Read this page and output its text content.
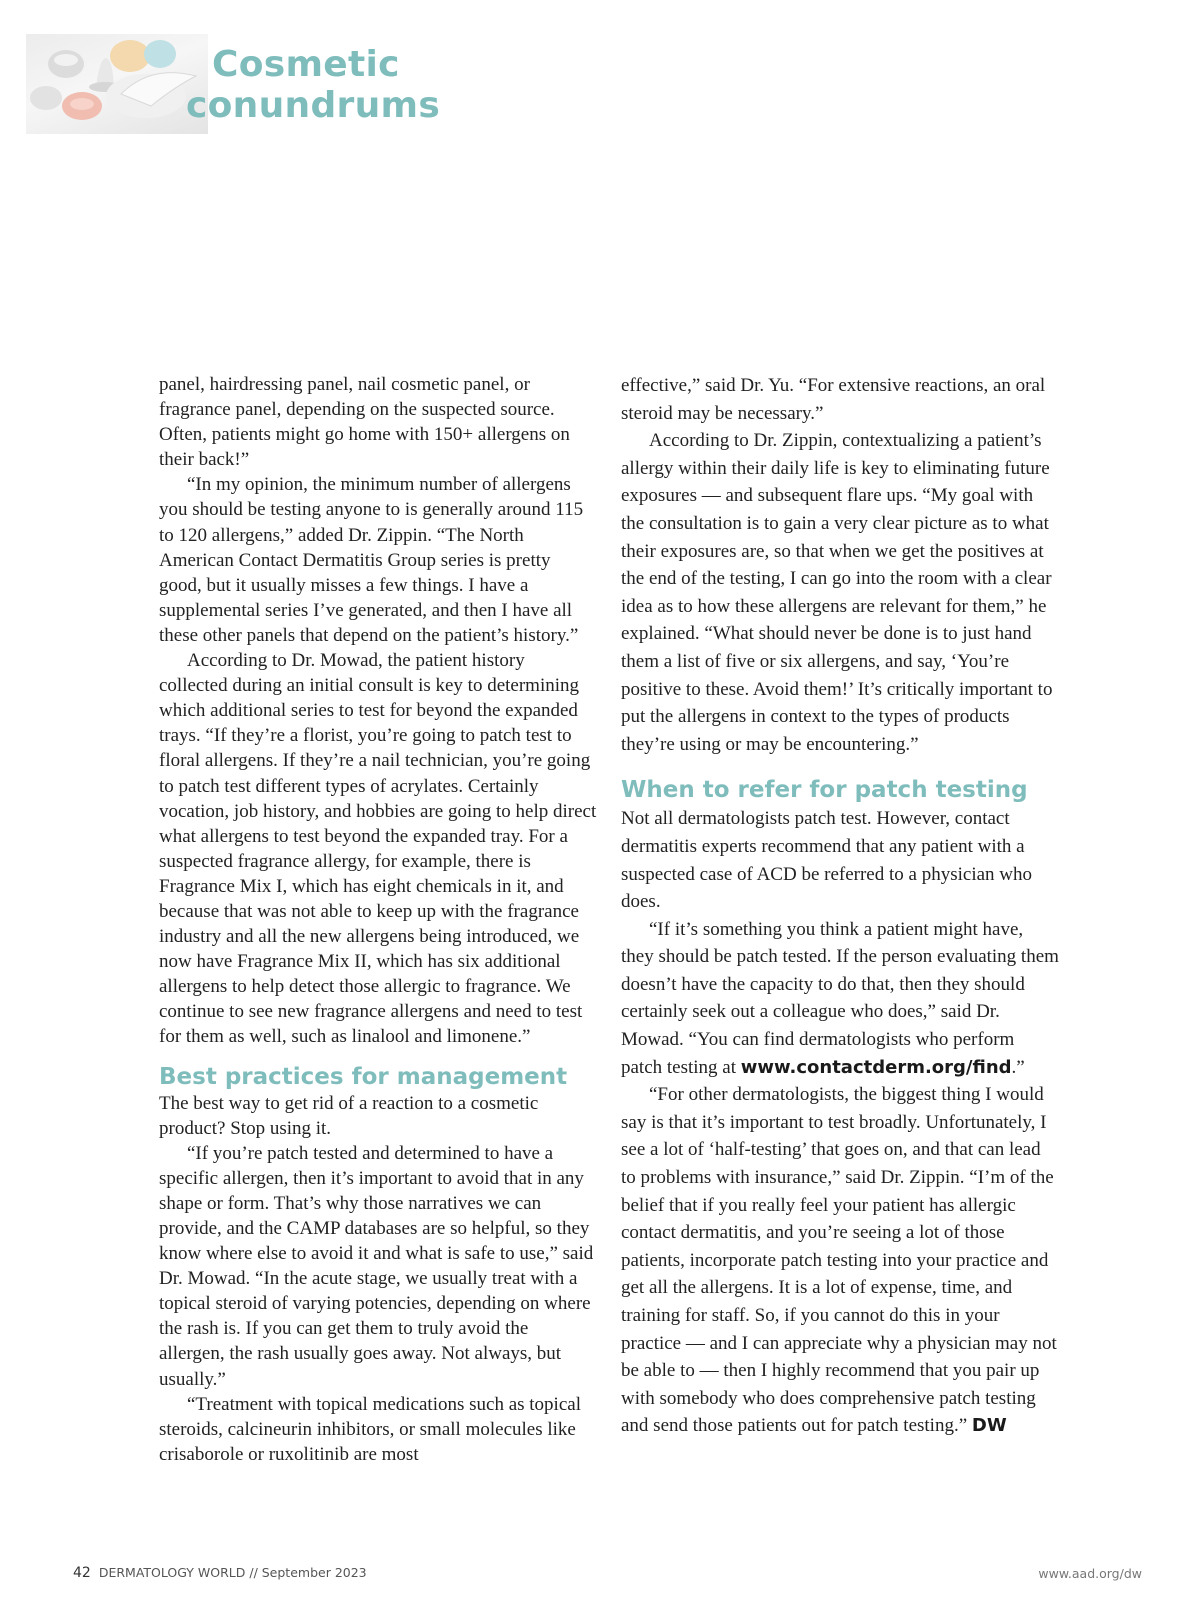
Cosmetic
conundrums

panel, hairdressing panel, nail cosmetic panel, or fragrance panel, depending on the suspected source. Often, patients might go home with 150+ allergens on their back!”

“In my opinion, the minimum number of allergens you should be testing anyone to is generally around 115 to 120 allergens,” added Dr. Zippin. “The North American Contact Dermatitis Group series is pretty good, but it usually misses a few things. I have a supplemental series I’ve generated, and then I have all these other panels that depend on the patient’s history.”

According to Dr. Mowad, the patient history collected during an initial consult is key to determining which additional series to test for beyond the expanded trays. “If they’re a florist, you’re going to patch test to floral allergens. If they’re a nail technician, you’re going to patch test different types of acrylates. Certainly vocation, job history, and hobbies are going to help direct what allergens to test beyond the expanded tray. For a suspected fragrance allergy, for example, there is Fragrance Mix I, which has eight chemicals in it, and because that was not able to keep up with the fragrance industry and all the new allergens being introduced, we now have Fragrance Mix II, which has six additional allergens to help detect those allergic to fragrance. We continue to see new fragrance allergens and need to test for them as well, such as linalool and limonene.”

Best practices for management

The best way to get rid of a reaction to a cosmetic product? Stop using it.

“If you’re patch tested and determined to have a specific allergen, then it’s important to avoid that in any shape or form. That’s why those narratives we can provide, and the CAMP databases are so helpful, so they know where else to avoid it and what is safe to use,” said Dr. Mowad. “In the acute stage, we usually treat with a topical steroid of varying potencies, depending on where the rash is. If you can get them to truly avoid the allergen, the rash usually goes away. Not always, but usually.”

“Treatment with topical medications such as topical steroids, calcineurin inhibitors, or small molecules like crisaborole or ruxolitinib are most

effective,” said Dr. Yu. “For extensive reactions, an oral steroid may be necessary.”

According to Dr. Zippin, contextualizing a patient’s allergy within their daily life is key to eliminating future exposures — and subsequent flare ups. “My goal with the consultation is to gain a very clear picture as to what their exposures are, so that when we get the positives at the end of the testing, I can go into the room with a clear idea as to how these allergens are relevant for them,” he explained. “What should never be done is to just hand them a list of five or six allergens, and say, ‘You’re positive to these. Avoid them!’ It’s critically important to put the allergens in context to the types of products they’re using or may be encountering.”

When to refer for patch testing

Not all dermatologists patch test. However, contact dermatitis experts recommend that any patient with a suspected case of ACD be referred to a physician who does.

“If it’s something you think a patient might have, they should be patch tested. If the person evaluating them doesn’t have the capacity to do that, then they should certainly seek out a colleague who does,” said Dr. Mowad. “You can find dermatologists who perform patch testing at www.contactderm.org/find.”

“For other dermatologists, the biggest thing I would say is that it’s important to test broadly. Unfortunately, I see a lot of ‘half-testing’ that goes on, and that can lead to problems with insurance,” said Dr. Zippin. “I’m of the belief that if you really feel your patient has allergic contact dermatitis, and you’re seeing a lot of those patients, incorporate patch testing into your practice and get all the allergens. It is a lot of expense, time, and training for staff. So, if you cannot do this in your practice — and I can appreciate why a physician may not be able to — then I highly recommend that you pair up with somebody who does comprehensive patch testing and send those patients out for patch testing.” DW

42 DERMATOLOGY WORLD // September 2023	www.aad.org/dw
